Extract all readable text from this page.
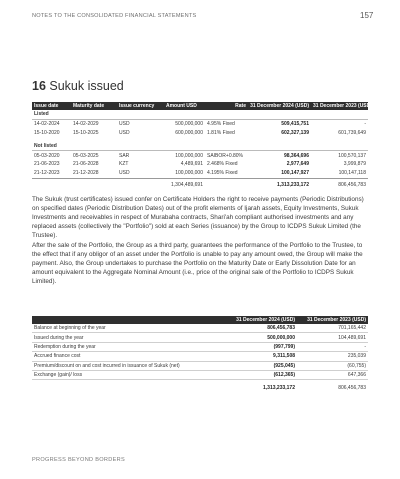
NOTES TO THE CONSOLIDATED FINANCIAL STATEMENTS	157
16 Sukuk issued
Issue date	Maturity date	Issue currency	Amount USD	Rate	31 December 2024 (USD)	31 December 2023 (USD)
Listed						
14-02-2024	14-02-2029	USD	500,000,000	4.95% Fixed	509,415,751	-
15-10-2020	15-10-2025	USD	600,000,000	1.81% Fixed	602,327,139	601,739,649

Not listed						
05-03-2020	05-03-2025	SAR	100,000,000	SAIBOR+0.80%	98,364,696	100,570,137
21-06-2023	21-06-2028	KZT	4,489,691	2.468% Fixed	2,977,649	3,999,879
21-12-2023	21-12-2028	USD	100,000,000	4.195% Fixed	100,147,927	100,147,118
			1,304,489,691		1,313,233,172	806,456,783

The Sukuk (trust certificates) issued confer on Certificate Holders the right to receive payments (Periodic Distributions) on specified dates (Periodic Distribution Dates) out of the profit elements of Ijarah assets, Equity Investments, Sukuk Investments and receivables in respect of Murabaha contracts, Shari'ah compliant authorised investments and any replaced assets (collectively the "Portfolio") sold at each Series (issuance) by the Group to ICDPS Sukuk Limited (the Trustee).

After the sale of the Portfolio, the Group as a third party, guarantees the performance of the Portfolio to the Trustee, to the effect that if any obligor of an asset under the Portfolio is unable to pay any amount owed, the Group will make the payment. Also, the Group undertakes to purchase the Portfolio on the Maturity Date or Early Dissolution Date for an amount equivalent to the Aggregate Nominal Amount (i.e., price of the original sale of the Portfolio to ICDPS Sukuk Limited).

	31 December 2024 (USD)	31 December 2023 (USD)
Balance at beginning of the year	806,456,783	701,165,442
Issued during the year	500,000,000	104,489,691
Redemption during the year	(997,799)	-
Accrued finance cost	9,311,508	235,039
Premium/discount on and cost incurred in issuance of Sukuk (net)	(925,045)	(60,755)
Exchange (gain)/ loss	(612,365)	647,366
	1,313,233,172	806,456,783
PROGRESS BEYOND BORDERS
